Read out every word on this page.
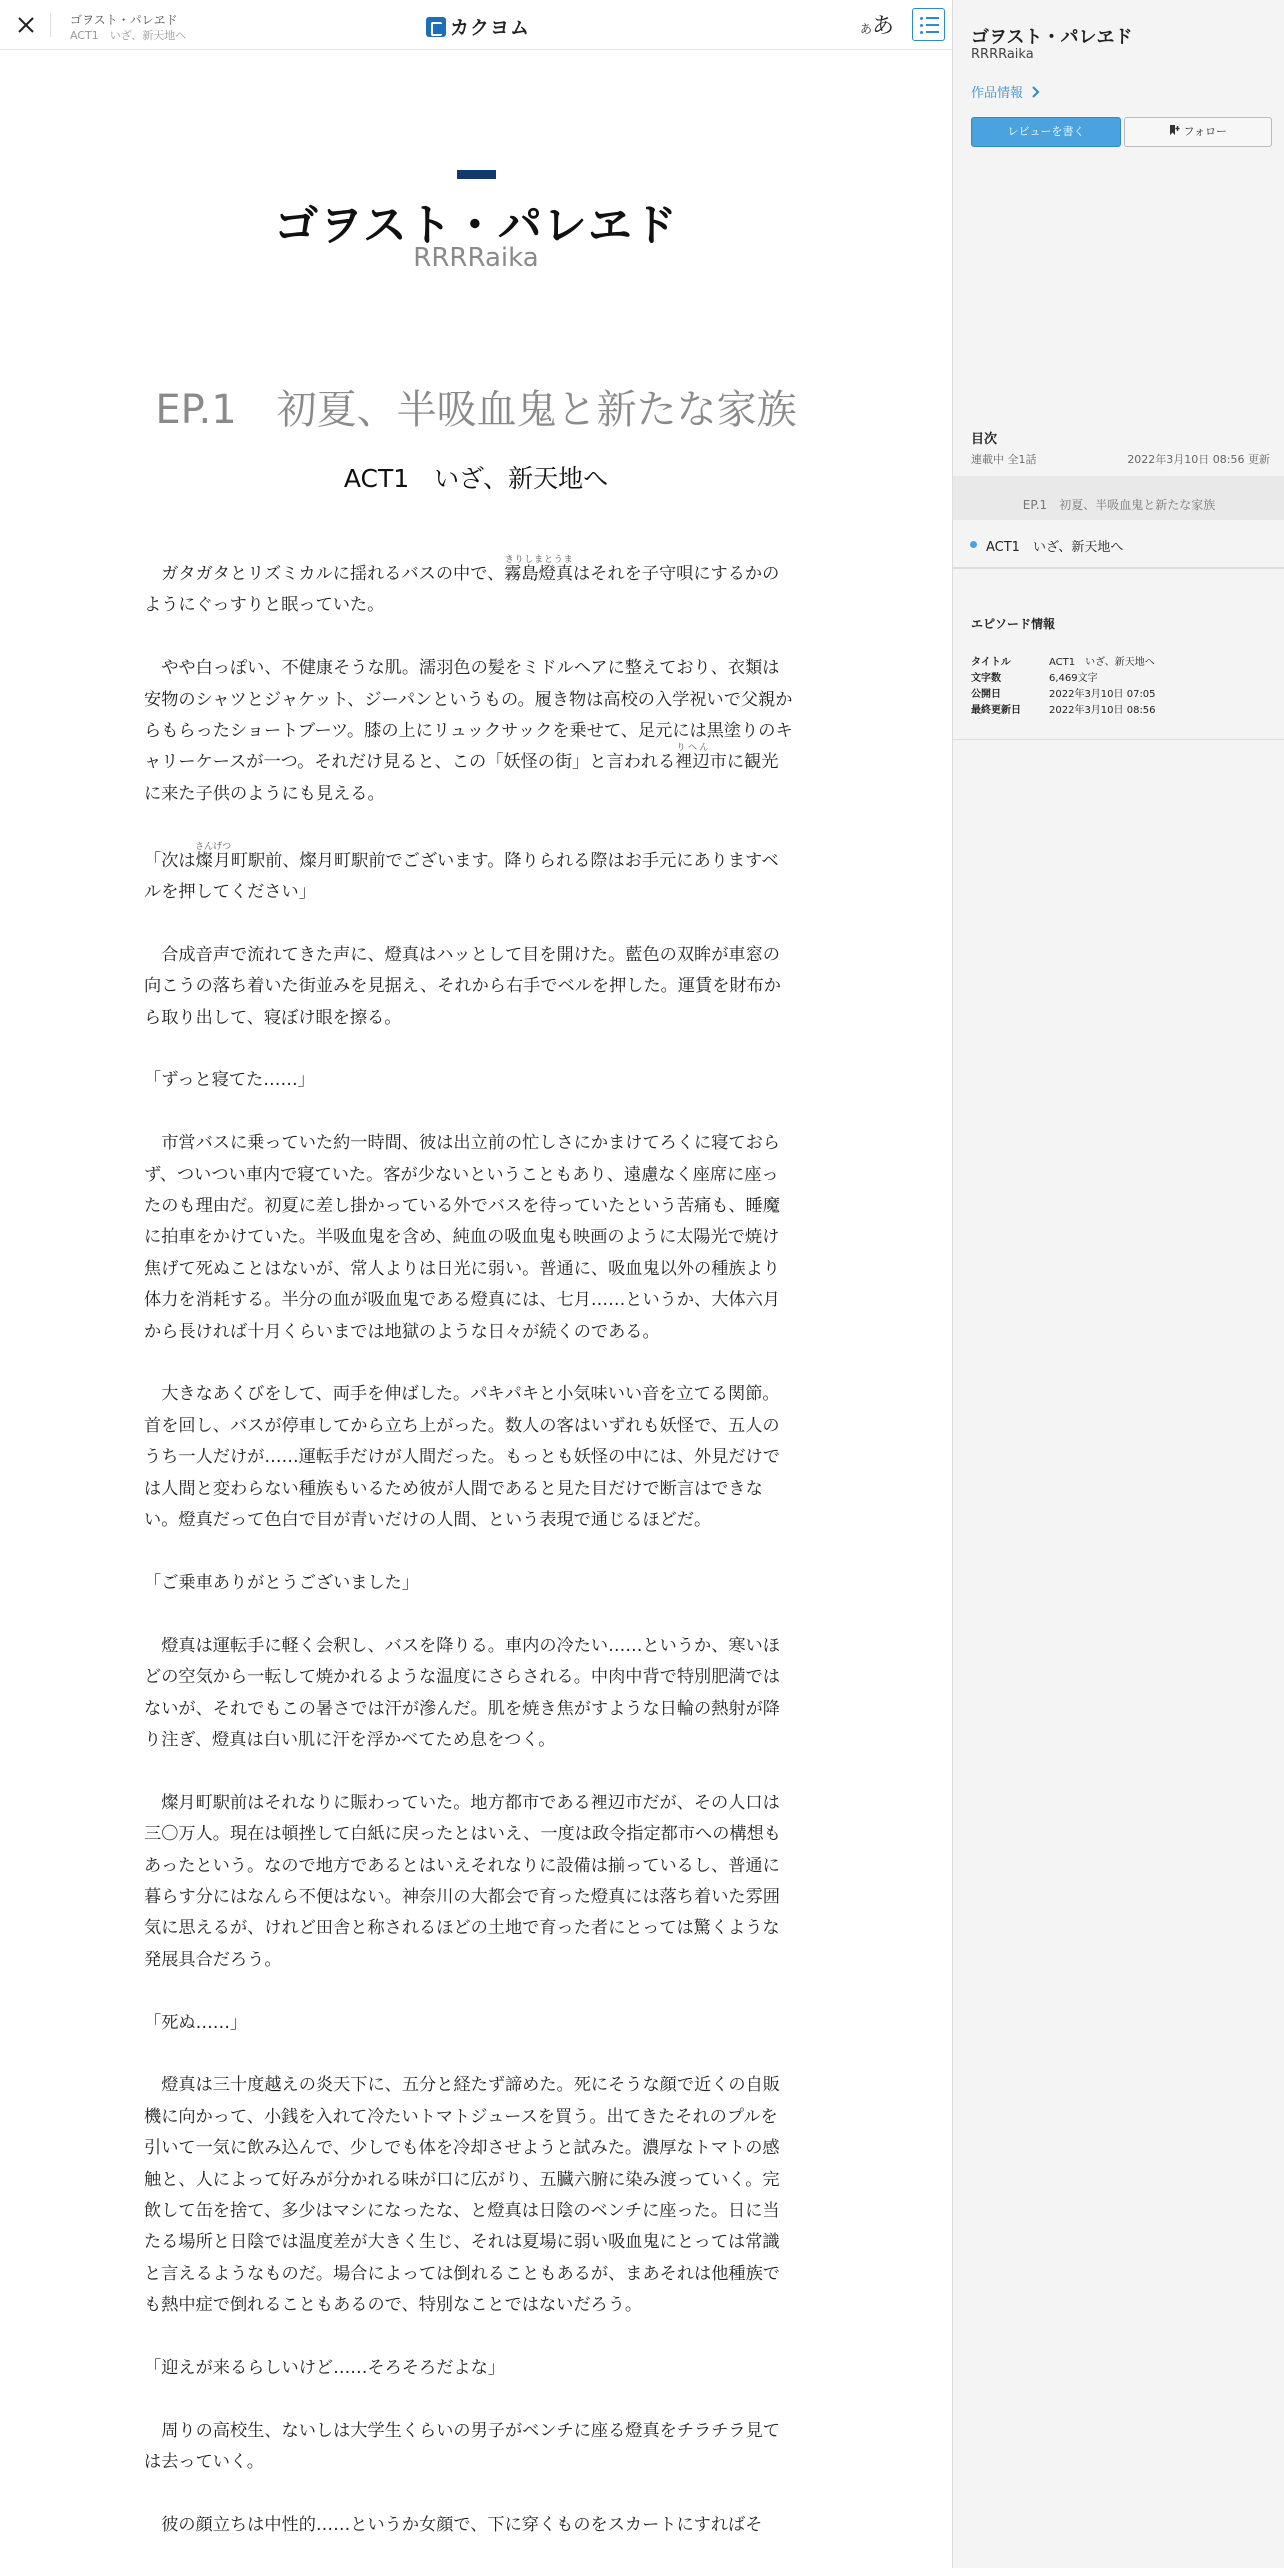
ゴヲスト・パレヱド
ACT1　いざ、新天地へ	カクヨム	ああ
ゴヲスト・パレヱド
RRRRaika
EP.1　初夏、半吸血鬼と新たな家族
ACT1　いざ、新天地へ

　ガタガタとリズミカルに揺れるバスの中で、霧島燈真きりしまとうまはそれを子守唄にするかのようにぐっすりと眠っていた。

　やや白っぽい、不健康そうな肌。濡羽色の髪をミドルヘアに整えており、衣類は安物のシャツとジャケット、ジーパンというもの。履き物は高校の入学祝いで父親からもらったショートブーツ。膝の上にリュックサックを乗せて、足元には黒塗りのキャリーケースが一つ。それだけ見ると、この「妖怪の街」と言われる裡辺りへん市に観光に来た子供のようにも見える。

「次は燦月さんげつ町駅前、燦月町駅前でございます。降りられる際はお手元にありますベルを押してください」

　合成音声で流れてきた声に、燈真はハッとして目を開けた。藍色の双眸が車窓の向こうの落ち着いた街並みを見据え、それから右手でベルを押した。運賃を財布から取り出して、寝ぼけ眼を擦る。

「ずっと寝てた……」

　市営バスに乗っていた約一時間、彼は出立前の忙しさにかまけてろくに寝ておらず、ついつい車内で寝ていた。客が少ないということもあり、遠慮なく座席に座ったのも理由だ。初夏に差し掛かっている外でバスを待っていたという苦痛も、睡魔に拍車をかけていた。半吸血鬼を含め、純血の吸血鬼も映画のように太陽光で焼け焦げて死ぬことはないが、常人よりは日光に弱い。普通に、吸血鬼以外の種族より体力を消耗する。半分の血が吸血鬼である燈真には、七月……というか、大体六月から長ければ十月くらいまでは地獄のような日々が続くのである。

　大きなあくびをして、両手を伸ばした。パキパキと小気味いい音を立てる関節。首を回し、バスが停車してから立ち上がった。数人の客はいずれも妖怪で、五人のうち一人だけが……運転手だけが人間だった。もっとも妖怪の中には、外見だけでは人間と変わらない種族もいるため彼が人間であると見た目だけで断言はできない。燈真だって色白で目が青いだけの人間、という表現で通じるほどだ。

「ご乗車ありがとうございました」

　燈真は運転手に軽く会釈し、バスを降りる。車内の冷たい……というか、寒いほどの空気から一転して焼かれるような温度にさらされる。中肉中背で特別肥満ではないが、それでもこの暑さでは汗が滲んだ。肌を焼き焦がすような日輪の熱射が降り注ぎ、燈真は白い肌に汗を浮かべてため息をつく。

　燦月町駅前はそれなりに賑わっていた。地方都市である裡辺市だが、その人口は三〇万人。現在は頓挫して白紙に戻ったとはいえ、一度は政令指定都市への構想もあったという。なので地方であるとはいえそれなりに設備は揃っているし、普通に暮らす分にはなんら不便はない。神奈川の大都会で育った燈真には落ち着いた雰囲気に思えるが、けれど田舎と称されるほどの土地で育った者にとっては驚くような発展具合だろう。

「死ぬ……」

　燈真は三十度越えの炎天下に、五分と経たず諦めた。死にそうな顔で近くの自販機に向かって、小銭を入れて冷たいトマトジュースを買う。出てきたそれのプルを引いて一気に飲み込んで、少しでも体を冷却させようと試みた。濃厚なトマトの感触と、人によって好みが分かれる味が口に広がり、五臓六腑に染み渡っていく。完飲して缶を捨て、多少はマシになったな、と燈真は日陰のベンチに座った。日に当たる場所と日陰では温度差が大きく生じ、それは夏場に弱い吸血鬼にとっては常識と言えるようなものだ。場合によっては倒れることもあるが、まあそれは他種族でも熱中症で倒れることもあるので、特別なことではないだろう。

「迎えが来るらしいけど……そろそろだよな」

　周りの高校生、ないしは大学生くらいの男子がベンチに座る燈真をチラチラ見ては去っていく。

　彼の顔立ちは中性的……というか女顔で、下に穿くものをスカートにすればそ

ゴヲスト・パレヱド
RRRRaika
作品情報
レビューを書く	フォロー
目次
連載中 全1話	2022年3月10日 08:56 更新
EP.1　初夏、半吸血鬼と新たな家族
ACT1　いざ、新天地へ
エピソード情報
タイトル	ACT1　いざ、新天地へ
文字数	6,469文字
公開日	2022年3月10日 07:05
最終更新日	2022年3月10日 08:56
